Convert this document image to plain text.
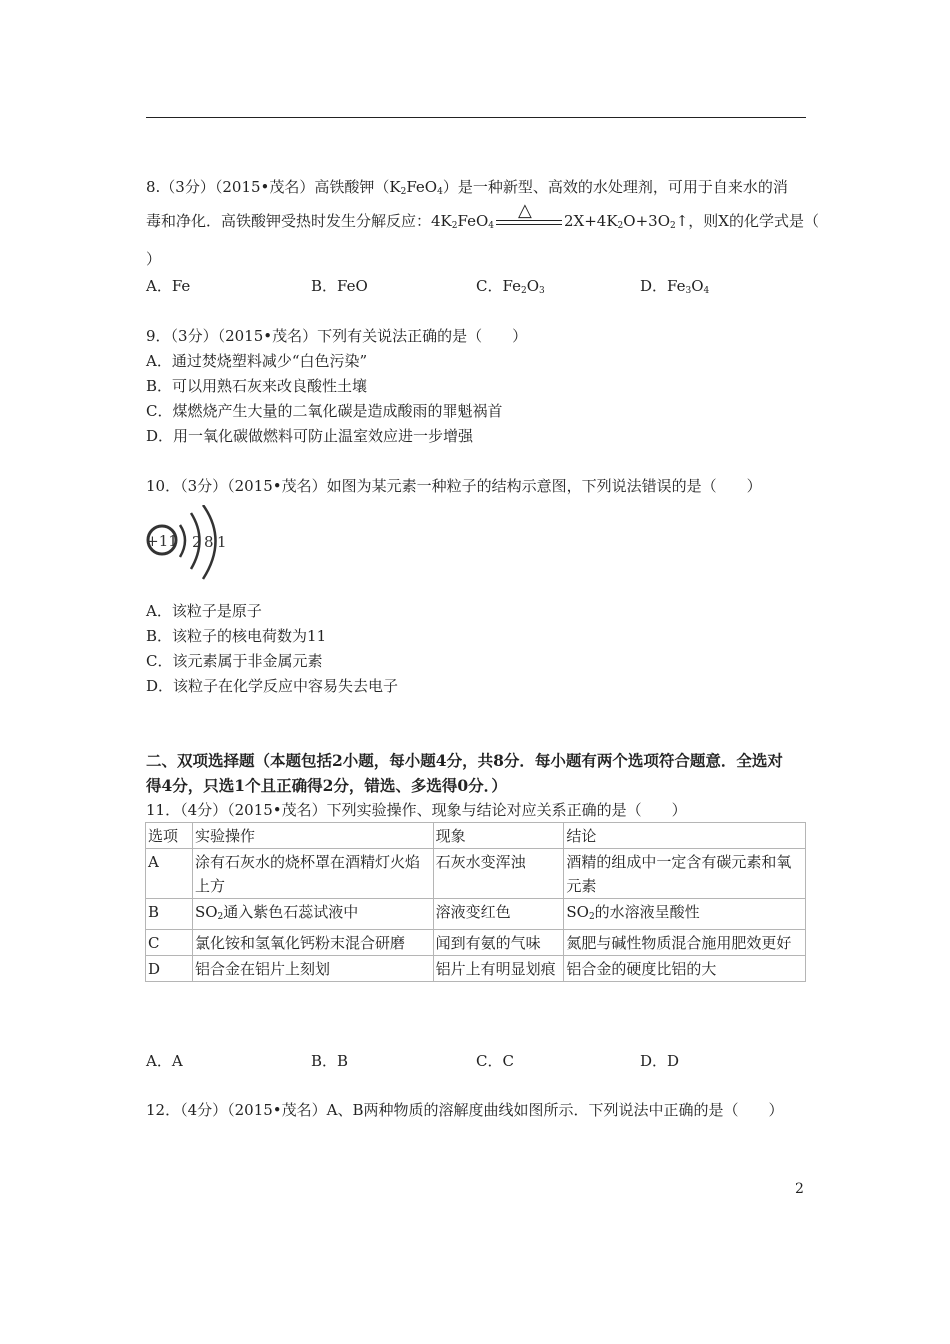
8.（3分）（2015•茂名）高铁酸钾$(K_2FeO_4)$是一种新型、高效的水处理剂，可用于自来水的消
毒和净化．高铁酸钾受热时发生分解反应：$4K_2FeO_4$
△ $2X+4K_2O+3O_2↑$，则X的化学式是（
）
A．Fe	B．FeO	C．$Fe_2O_3$	D．$Fe_3O_4$
9．（3分）（2015•茂名）下列有关说法正确的是（　　）
A．通过焚烧塑料减少“白色污染”
B．可以用熟石灰来改良酸性土壤
C．煤燃烧产生大量的二氧化碳是造成酸雨的罪魁祸首
D．用一氧化碳做燃料可防止温室效应进一步增强
10．（3分）（2015•茂名）如图为某元素一种粒子的结构示意图，下列说法错误的是（　　）
+11 2 8 1
A．该粒子是原子
B．该粒子的核电荷数为11
C．该元素属于非金属元素
D．该粒子在化学反应中容易失去电子
二、双项选择题（本题包括2小题，每小题4分，共8分．每小题有两个选项符合题意．全选对
得4分，只选1个且正确得2分，错选、多选得0分．）
11．（4分）（2015•茂名）下列实验操作、现象与结论对应关系正确的是（　　）
选项	实验操作	现象	结论
A	涂有石灰水的烧杯罩在酒精灯火焰上方	石灰水变浑浊	酒精的组成中一定含有碳元素和氧元素
B	$SO_2$通入紫色石蕊试液中	溶液变红色	$SO_2$的水溶液呈酸性
C	氯化铵和氢氧化钙粉末混合研磨	闻到有氨的气味	氮肥与碱性物质混合施用肥效更好
D	铝合金在铝片上刻划	铝片上有明显划痕	铝合金的硬度比铝的大
A．A	B．B	C．C	D．D
12．（4分）（2015•茂名）A、B两种物质的溶解度曲线如图所示．下列说法中正确的是（　　）
2
